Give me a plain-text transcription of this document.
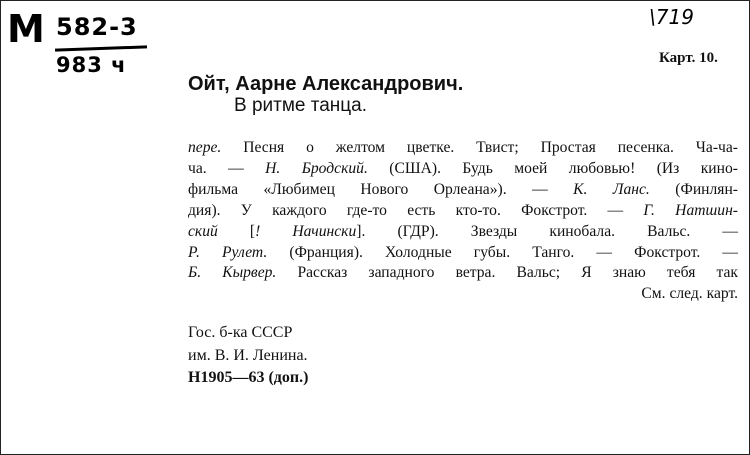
М 582-3
983 ч
\719
Карт. 10.
Ойт, Аарне Александрович.
В ритме танца.
пере. Песня о желтом цветке. Твист; Простая песенка. Ча-ча-
ча. — Н. Бродский. (США). Будь моей любовью! (Из кино-
фильма «Любимец Нового Орлеана»). — К. Ланс. (Финлян-
дия). У каждого где-то есть кто-то. Фокстрот. — Г. Натшин-
ский [! Начински]. (ГДР). Звезды кинобала. Вальс. —
Р. Рулет. (Франция). Холодные губы. Танго. — Фокстрот. —
Б. Кырвер. Рассказ западного ветра. Вальс; Я знаю тебя так
См. след. карт.
Гос. б-ка СССР
им. В. И. Ленина.
Н1905—63 (доп.)
